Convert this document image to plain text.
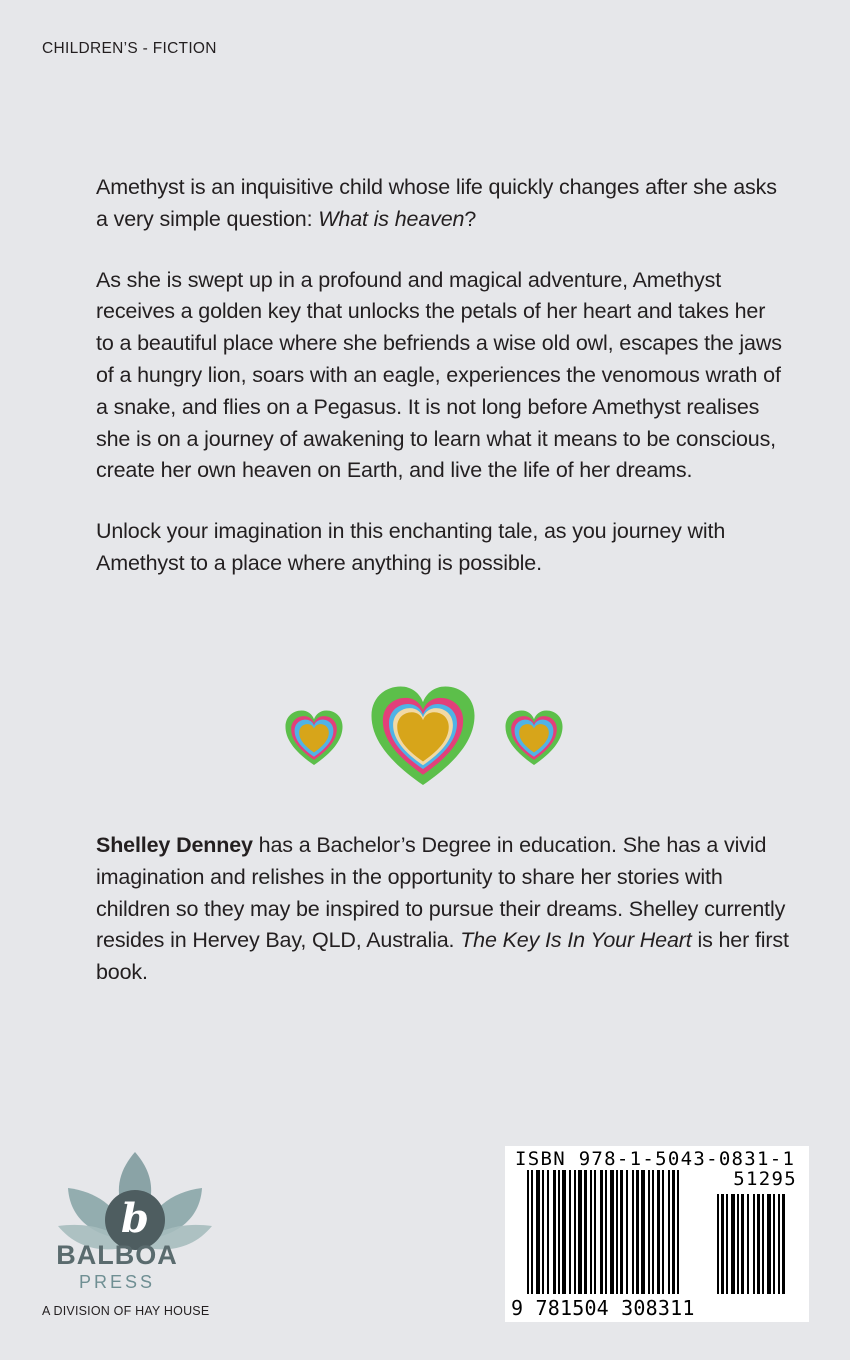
CHILDREN’S - FICTION

Amethyst is an inquisitive child whose life quickly changes after she asks a very simple question: What is heaven?

As she is swept up in a profound and magical adventure, Amethyst receives a golden key that unlocks the petals of her heart and takes her to a beautiful place where she befriends a wise old owl, escapes the jaws of a hungry lion, soars with an eagle, experiences the venomous wrath of a snake, and flies on a Pegasus. It is not long before Amethyst realises she is on a journey of awakening to learn what it means to be conscious, create her own heaven on Earth, and live the life of her dreams.

Unlock your imagination in this enchanting tale, as you journey with Amethyst to a place where anything is possible.

Shelley Denney has a Bachelor’s Degree in education. She has a vivid imagination and relishes in the opportunity to share her stories with children so they may be inspired to pursue their dreams. Shelley currently resides in Hervey Bay, QLD, Australia. The Key Is In Your Heart is her first book.

b
BALBOA
PRESS
A DIVISION OF HAY HOUSE
ISBN 978-1-5043-0831-1
51295
9 781504 308311
